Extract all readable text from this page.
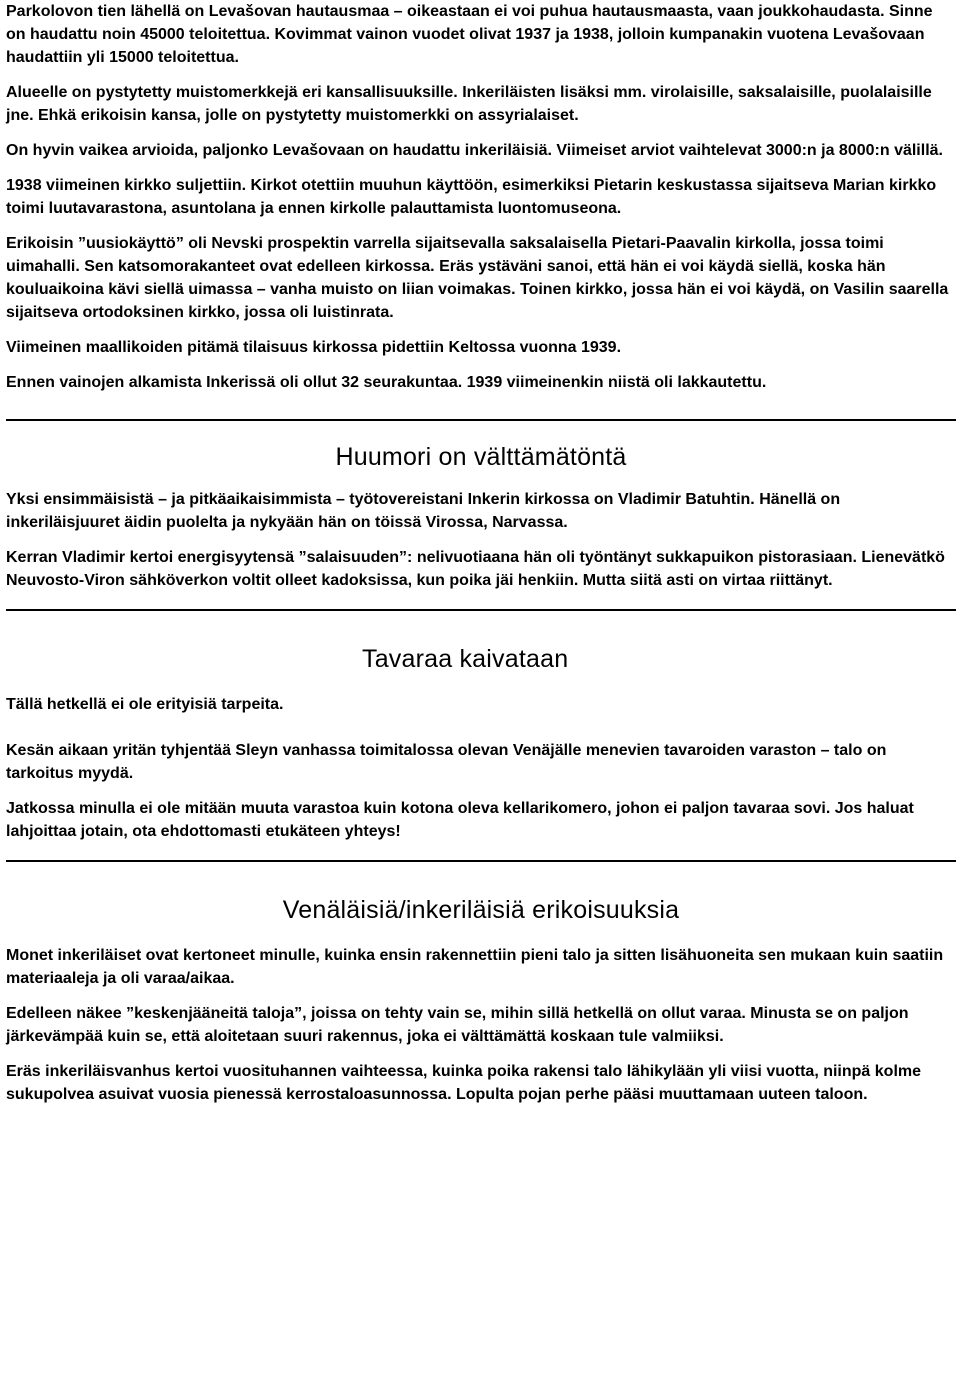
Parkolovon tien lähellä on Levašovan hautausmaa – oikeastaan ei voi puhua hautausmaasta, vaan joukkohaudasta. Sinne on haudattu noin 45000 teloitettua. Kovimmat vainon vuodet olivat 1937 ja 1938, jolloin kumpanakin vuotena Levašovaan haudattiin yli 15000 teloitettua.

Alueelle on pystytetty muistomerkkejä eri kansallisuuksille. Inkeriläisten lisäksi mm. virolaisille, saksalaisille, puolalaisille jne. Ehkä erikoisin kansa, jolle on pystytetty muistomerkki on assyrialaiset.

On hyvin vaikea arvioida, paljonko Levašovaan on haudattu inkeriläisiä. Viimeiset arviot vaihtelevat 3000:n ja 8000:n välillä.

1938 viimeinen kirkko suljettiin. Kirkot otettiin muuhun käyttöön, esimerkiksi Pietarin keskustassa sijaitseva Marian kirkko toimi luutavarastona, asuntolana ja ennen kirkolle palauttamista luontomuseona.

Erikoisin ”uusiokäyttö” oli Nevski prospektin varrella sijaitsevalla saksalaisella Pietari-Paavalin kirkolla, jossa toimi uimahalli. Sen katsomorakanteet ovat edelleen kirkossa. Eräs ystäväni sanoi, että hän ei voi käydä siellä, koska hän kouluaikoina kävi siellä uimassa – vanha muisto on liian voimakas. Toinen kirkko, jossa hän ei voi käydä, on Vasilin saarella sijaitseva ortodoksinen kirkko, jossa oli luistinrata.

Viimeinen maallikoiden pitämä tilaisuus kirkossa pidettiin Keltossa vuonna 1939.

Ennen vainojen alkamista Inkerissä oli ollut 32 seurakuntaa. 1939 viimeinenkin niistä oli lakkautettu.

Huumori on välttämätöntä

Yksi ensimmäisistä – ja pitkäaikaisimmista – työtovereistani Inkerin kirkossa on Vladimir Batuhtin. Hänellä on inkeriläisjuuret äidin puolelta ja nykyään hän on töissä Virossa, Narvassa.

Kerran Vladimir kertoi energisyytensä ”salaisuuden”: nelivuotiaana hän oli työntänyt sukkapuikon pistorasiaan. Lienevätkö Neuvosto-Viron sähköverkon voltit olleet kadoksissa, kun poika jäi henkiin. Mutta siitä asti on virtaa riittänyt.

Tavaraa kaivataan

Tällä hetkellä ei ole erityisiä tarpeita.

Kesän aikaan yritän tyhjentää Sleyn vanhassa toimitalossa olevan Venäjälle menevien tavaroiden varaston – talo on tarkoitus myydä.

Jatkossa minulla ei ole mitään muuta varastoa kuin kotona oleva kellarikomero, johon ei paljon tavaraa sovi. Jos haluat lahjoittaa jotain, ota ehdottomasti etukäteen yhteys!

Venäläisiä/inkeriläisiä erikoisuuksia

Monet inkeriläiset ovat kertoneet minulle, kuinka ensin rakennettiin pieni talo ja sitten lisähuoneita sen mukaan kuin saatiin materiaaleja ja oli varaa/aikaa.

Edelleen näkee ”keskenjääneitä taloja”, joissa on tehty vain se, mihin sillä hetkellä on ollut varaa. Minusta se on paljon järkevämpää kuin se, että aloitetaan suuri rakennus, joka ei välttämättä koskaan tule valmiiksi.

Eräs inkeriläisvanhus kertoi vuosituhannen vaihteessa, kuinka poika rakensi talo lähikylään yli viisi vuotta, niinpä kolme sukupolvea asuivat vuosia pienessä kerrostaloasunnossa. Lopulta pojan perhe pääsi muuttamaan uuteen taloon.
